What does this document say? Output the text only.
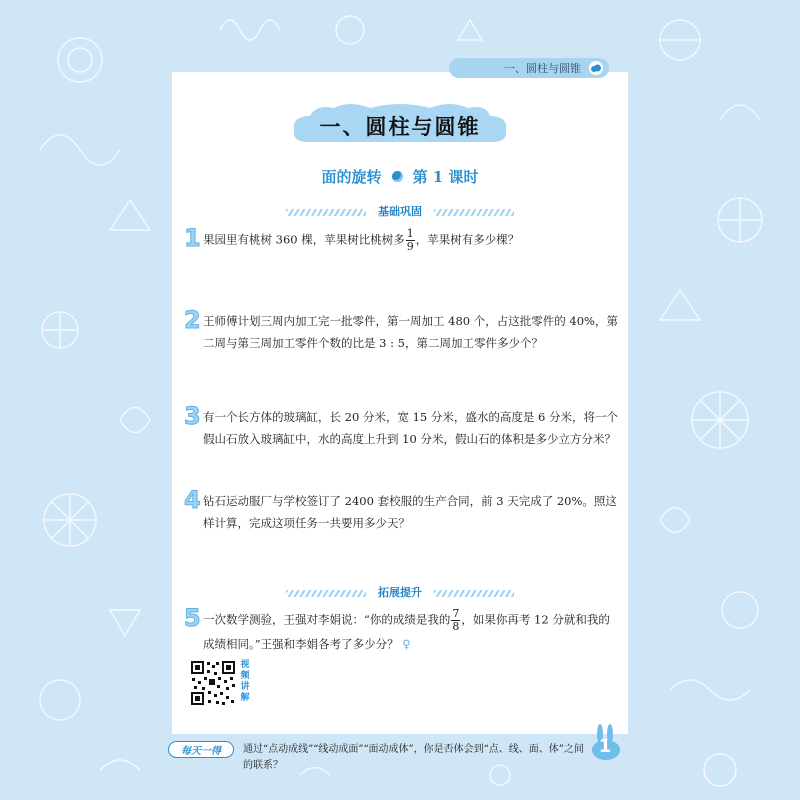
一、圆柱与圆锥
一、圆柱与圆锥
面的旋转 第 1 课时
基础巩固
1 果园里有桃树 360 棵，苹果树比桃树多 $\frac{1}{9}$ ，苹果树有多少棵？
2 王师傅计划三周内加工完一批零件，第一周加工 480 个，占这批零件的 40%，第
二周与第三周加工零件个数的比是 3 : 5，第二周加工零件多少个？
3 有一个长方体的玻璃缸，长 20 分米，宽 15 分米，盛水的高度是 6 分米，将一个
假山石放入玻璃缸中，水的高度上升到 10 分米，假山石的体积是多少立方分米？
4 钻石运动服厂与学校签订了 2400 套校服的生产合同，前 3 天完成了 20%。照这
样计算，完成这项任务一共要用多少天？
拓展提升
5 一次数学测验，王强对李娟说：“你的成绩是我的 $\frac{7}{8}$ ，如果你再考 12 分就和我的
成绩相同。”王强和李娟各考了多少分？ ♀
视频讲解
每天一得	通过“点动成线”“线动成面”“面动成体”，你是否体会到“点、线、面、体”之间
的联系？
1
